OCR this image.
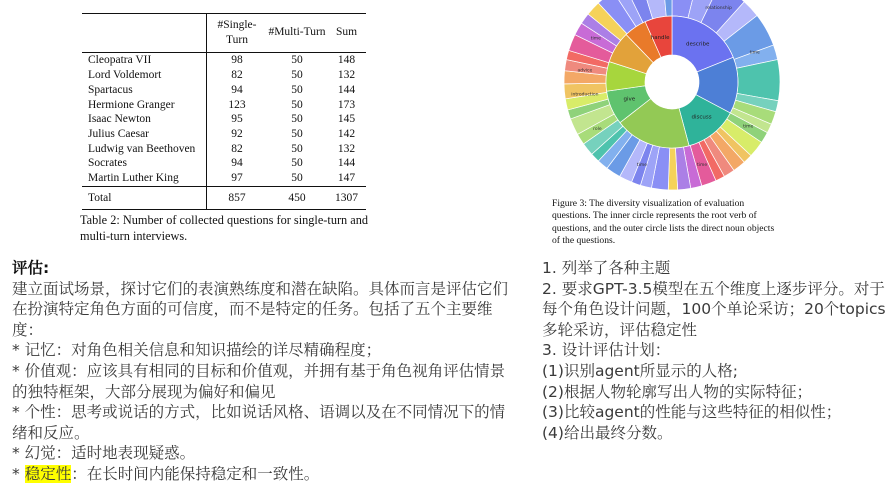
	#Single-Turn	#Multi-Turn	Sum
Cleopatra VII	98	50	148
Lord Voldemort	82	50	132
Spartacus	94	50	144
Hermione Granger	123	50	173
Isaac Newton	95	50	145
Julius Caesar	92	50	142
Ludwig van Beethoven	82	50	132
Socrates	94	50	144
Martin Luther King	97	50	147
Total	857	450	1307
Table 2: Number of collected questions for single-turn and multi-turn interviews.
relationship
time
advice
introduction
time
time	time
role
time
describe
give
discuss
handle
Figure 3: The diversity visualization of evaluation questions. The inner circle represents the root verb of questions, and the outer circle lists the direct noun objects of the questions.
评估:
建立面试场景，探讨它们的表演熟练度和潜在缺陷。具体而言是评估它们在扮演特定角色方面的可信度，而不是特定的任务。包括了五个主要维度：
* 记忆：对角色相关信息和知识描绘的详尽精确程度；
* 价值观：应该具有相同的目标和价值观，并拥有基于角色视角评估情景的独特框架，大部分展现为偏好和偏见
* 个性：思考或说话的方式，比如说话风格、语调以及在不同情况下的情绪和反应。
* 幻觉：适时地表现疑惑。
* 稳定性：在长时间内能保持稳定和一致性。
1. 列举了各种主题
2. 要求GPT-3.5模型在五个维度上逐步评分。对于每个角色设计问题，100个单论采访；20个topics多轮采访，评估稳定性
3. 设计评估计划：
(1)识别agent所显示的人格;
(2)根据人物轮廓写出人物的实际特征；
(3)比较agent的性能与这些特征的相似性；
(4)给出最终分数。
